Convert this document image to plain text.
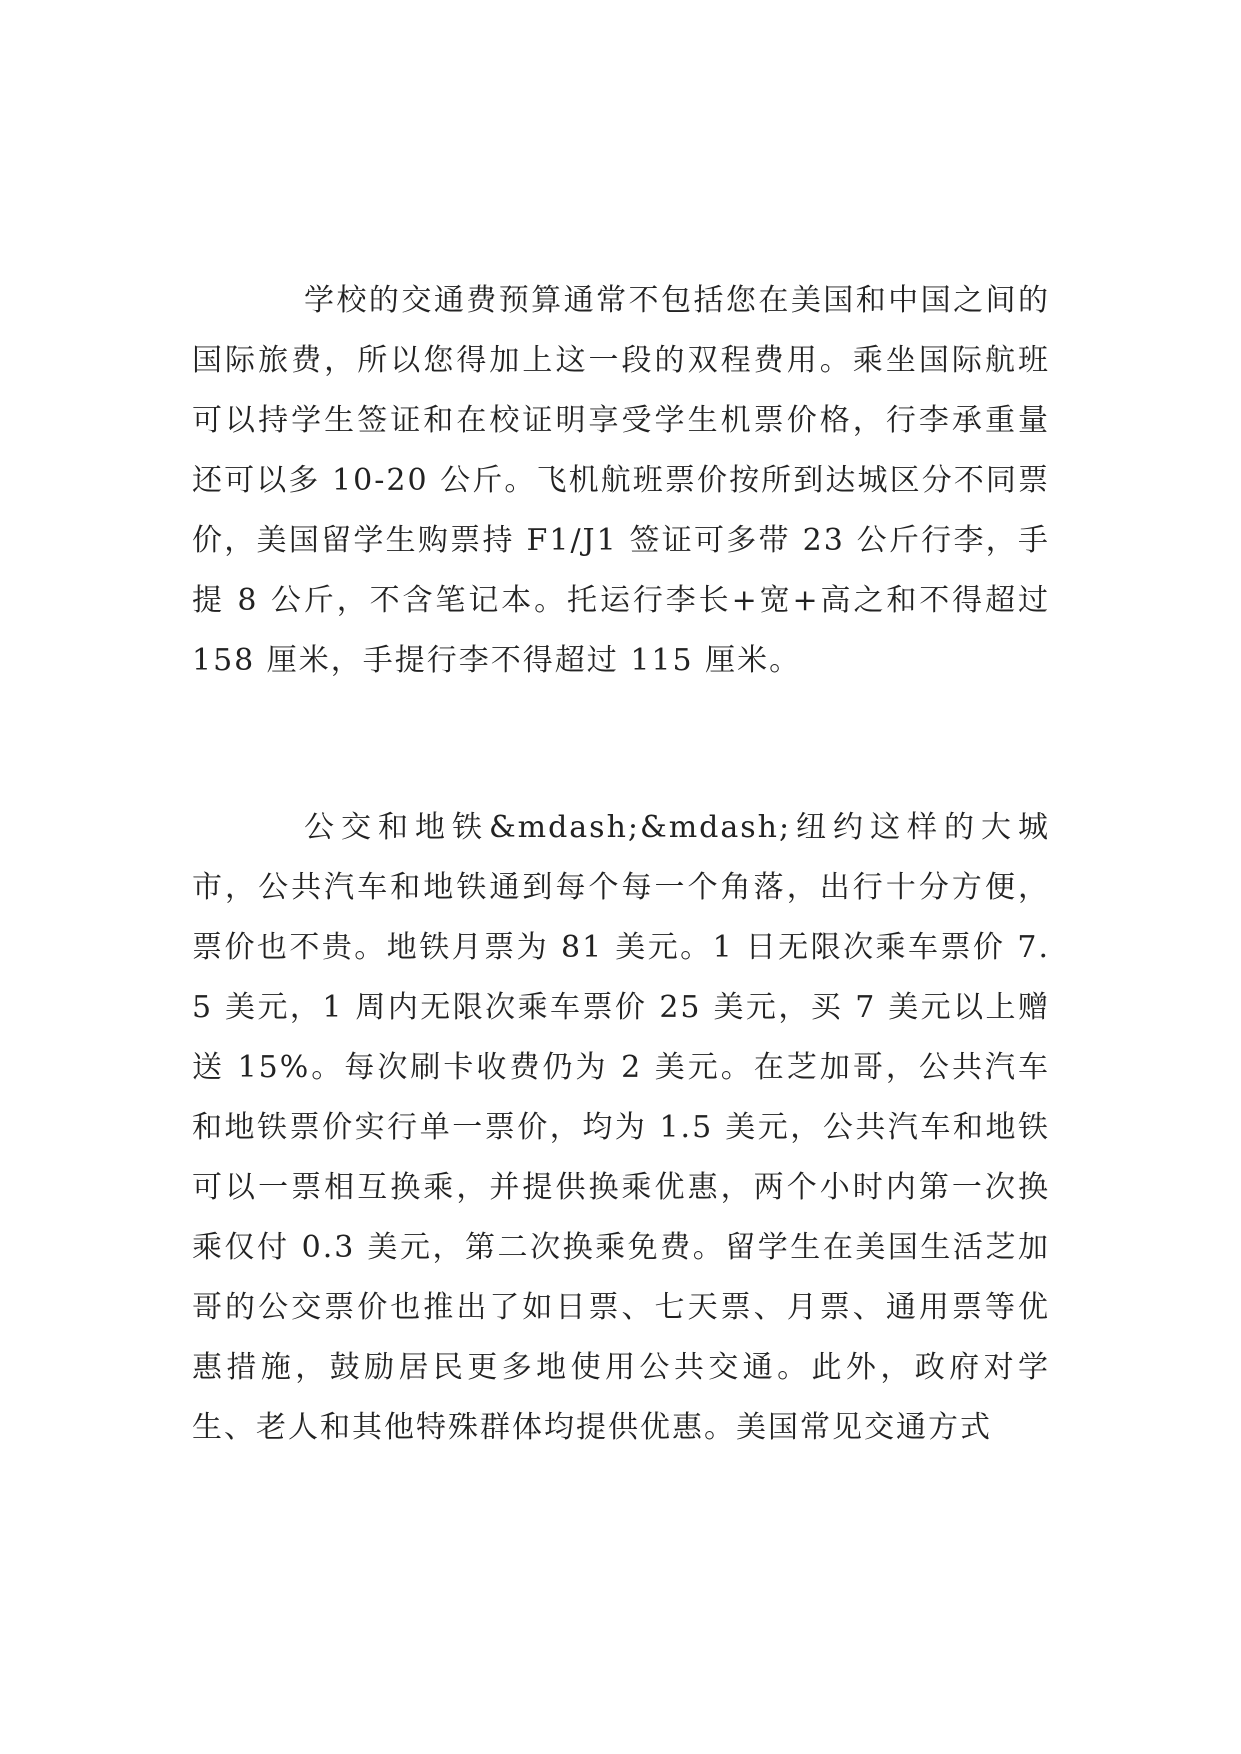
学校的交通费预算通常不包括您在美国和中国之间的国际旅费，所以您得加上这一段的双程费用。乘坐国际航班可以持学生签证和在校证明享受学生机票价格，行李承重量还可以多 10-20 公斤。飞机航班票价按所到达城区分不同票价，美国留学生购票持 F1/J1 签证可多带 23 公斤行李，手提 8 公斤，不含笔记本。托运行李长+宽+高之和不得超过 158 厘米，手提行李不得超过 115 厘米。

公交和地铁&mdash;&mdash;纽约这样的大城市，公共汽车和地铁通到每个每一个角落，出行十分方便，票价也不贵。地铁月票为 81 美元。1 日无限次乘车票价 7.5 美元，1 周内无限次乘车票价 25 美元，买 7 美元以上赠送 15%。每次刷卡收费仍为 2 美元。在芝加哥，公共汽车和地铁票价实行单一票价，均为 1.5 美元，公共汽车和地铁可以一票相互换乘，并提供换乘优惠，两个小时内第一次换乘仅付 0.3 美元，第二次换乘免费。留学生在美国生活芝加哥的公交票价也推出了如日票、七天票、月票、通用票等优惠措施，鼓励居民更多地使用公共交通。此外，政府对学生、老人和其他特殊群体均提供优惠。美国常见交通方式
